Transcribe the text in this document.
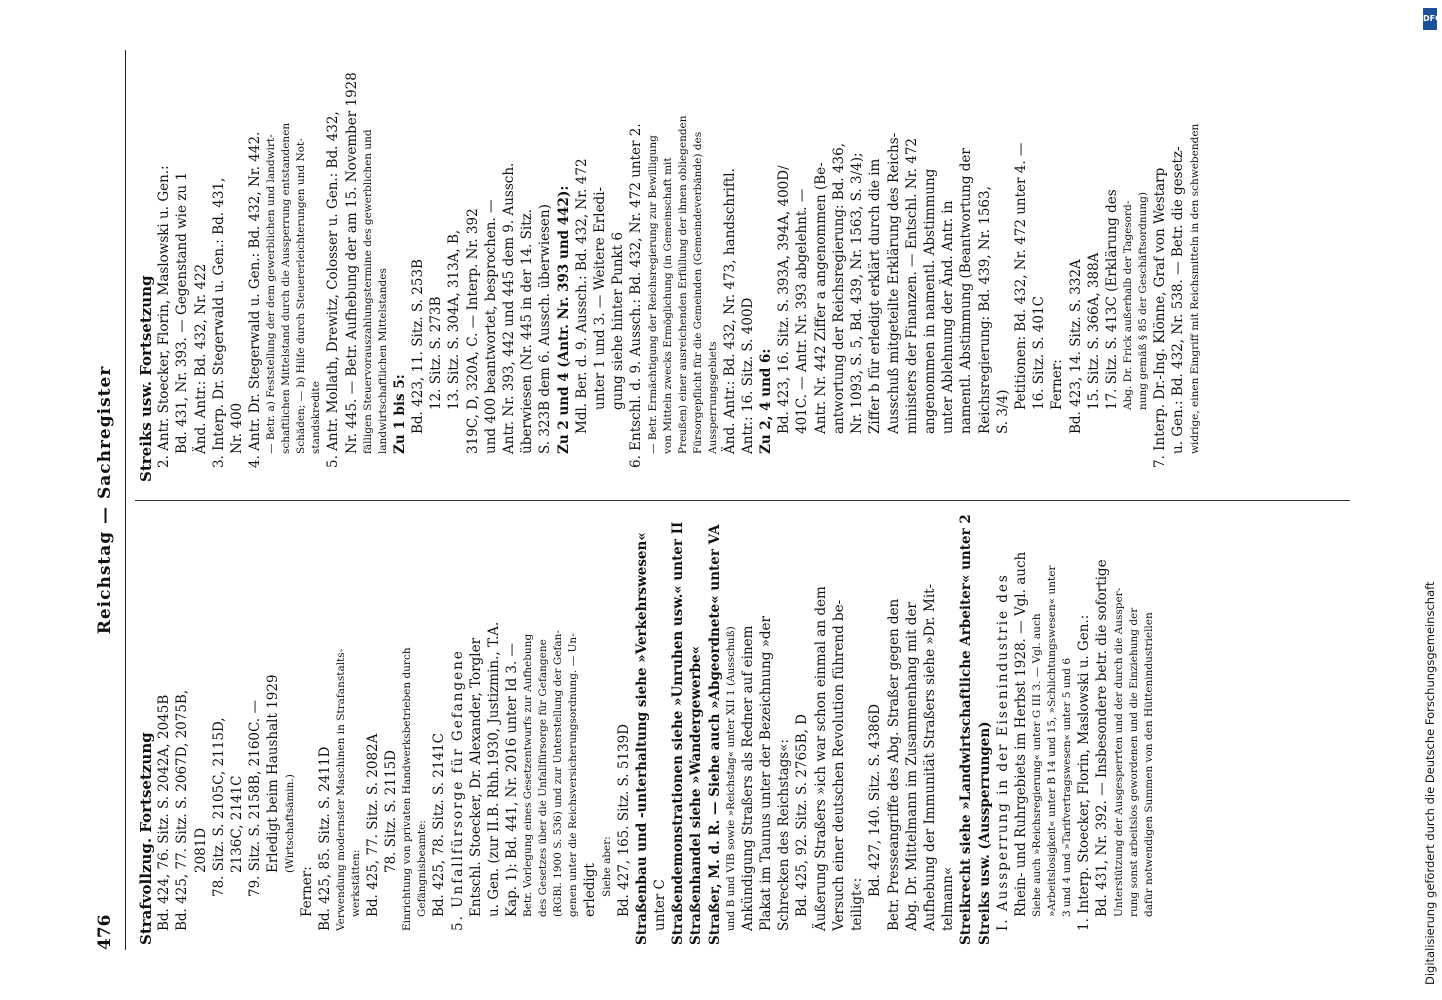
476
Reichstag — Sachregister
Strafvollzug. Fortsetzung Bd. 424, 76. Sitz. S. 2042A, 2045B Bd. 425, 77. Sitz. S. 2067D, 2075B, 2081D 78. Sitz. S. 2105C, 2115D, 2136C, 2141C 79. Sitz. S. 2158B, 2160C. — Erledigt beim Haushalt 1929 (Wirtschaftsämin.)
Ferner: Bd. 425, 85. Sitz. S. 2411D Verwendung modernster Maschinen in Strafanstalts- werkstätten: Bd. 425, 77. Sitz. S. 2082A 78. Sitz. S. 2115D Einrichtung von privaten Handwerksbetrieben durch Gefängnisbeamte: Bd. 425, 78. Sitz. S. 2141C 5. Unfallfürsorge für Gefangene Entschl. Stoecker, Dr. Alexander, Torgler u. Gen. (zur II.B. Rhh.1930, Justizmin., T.A. Kap. 1): Bd. 441, Nr. 2016 unter Id 3. — Betr. Vorlegung eines Gesetzentwurfs zur Aufhebung des Gesetzes über die Unfallfürsorge für Gefangene (RGBl. 1900 S. 536) und zur Unterstellung der Gefan- genen unter die Reichsversicherungsordnung. — Un- erledigt Siehe aber: Bd. 427, 165. Sitz. S. 5139D Straßenbau und -unterhaltung siehe »Verkehrswesen« unter C Straßendemonstrationen siehe »Unruhen usw.« unter II Straßenhandel siehe »Wandergewerbe« Straßer, M. d. R. — Siehe auch »Abgeordnete« unter VA und B und VIB sowie »Reichstag« unter XII 1 (Ausschuß) Ankündigung Straßers als Redner auf einem Plakat im Taunus unter der Bezeichnung »der Schrecken des Reichstags«: Bd. 425, 92. Sitz. S. 2765B, D Äußerung Straßers »ich war schon einmal an dem Versuch einer deutschen Revolution führend be- teiligt«:
Bd. 427, 140. Sitz. S. 4386D Betr. Presseangriffe des Abg. Straßer gegen den Abg. Dr. Mittelmann im Zusammenhang mit der Aufhebung der Immunität Straßers siehe »Dr. Mit- telmann« Streikrecht siehe »Landwirtschaftliche Arbeiter« unter 2 Streiks usw. (Aussperrungen) I. Aussperrung in der Eisenindustrie des Rhein- und Ruhrgebiets im Herbst 1928. — Vgl. auch Siehe auch »Reichsregierung« unter G III 3. — Vgl. auch »Arbeitslosigkeit« unter B 14 und 15, »Schlichtungswesen« unter 3 und 4 und »Tarifvertragswesen« unter 5 und 6 1. Interp. Stoecker, Florin, Maslowski u. Gen.: Bd. 431, Nr. 392. — Insbesondere betr. die sofortige Unterstützung der Ausgesperrten und der durch die Aussper- rung sonst arbeitslos gewordenen und die Einziehung der dafür notwendigen Summen von den Hüttenindustriellen
Streiks usw. Fortsetzung 2. Antr. Stoecker, Florin, Maslowski u. Gen.: Bd. 431, Nr. 393. — Gegenstand wie zu 1 Änd. Antr.: Bd. 432, Nr. 422 3. Interp. Dr. Stegerwald u. Gen.: Bd. 431, Nr. 400 4. Antr. Dr. Stegerwald u. Gen.: Bd. 432, Nr. 442. — Betr. a) Feststellung der dem gewerblichen und landwirt- schaftlichen Mittelstand durch die Aussperrung entstandenen Schäden; — b) Hilfe durch Steuererleichterungen und Not- standskredite 5. Antr. Mollath, Drewitz, Colosser u. Gen.: Bd. 432, Nr. 445. — Betr. Aufhebung der am 15. November 1928 fälligen Steuervorauszahlungstermine des gewerblichen und landwirtschaftlichen Mittelstandes Zu 1 bis 5: Bd. 423, 11. Sitz. S. 253B 12. Sitz. S. 273B 13. Sitz. S. 304A, 313A, B, 319C, D, 320A, C. — Interp. Nr. 392 und 400 beantwortet, besprochen. — Antr. Nr. 393, 442 und 445 dem 9. Aussch. überwiesen (Nr. 445 in der 14. Sitz. S. 323B dem 6. Aussch. überwiesen) Zu 2 und 4 (Antr. Nr. 393 und 442): Mdl. Ber. d. 9. Aussch.: Bd. 432, Nr. 472 unter 1 und 3. — Weitere Erledi- gung siehe hinter Punkt 6 6. Entschl. d. 9. Aussch.: Bd. 432, Nr. 472 unter 2. — Betr. Ermächtigung der Reichsregierung zur Bewilligung von Mitteln zwecks Ermöglichung (in Gemeinschaft mit Preußen) einer ausreichenden Erfüllung der ihnen obliegenden Fürsorgepflicht für die Gemeinden (Gemeindeverbände) des Aussperrungsgebiets Änd. Antr.: Bd. 432, Nr. 473, handschriftl. Antr.: 16. Sitz. S. 400D Zu 2, 4 und 6: Bd. 423, 16. Sitz. S. 393A, 394A, 400D/ 401C. — Antr. Nr. 393 abgelehnt. — Antr. Nr. 442 Ziffer a angenommen (Be- antwortung der Reichsregierung: Bd. 436, Nr. 1093, S. 5, Bd. 439, Nr. 1563, S. 3/4); Ziffer b für erledigt erklärt durch die im Ausschuß mitgeteilte Erklärung des Reichs- ministers der Finanzen. — Entschl. Nr. 472 angenommen in namentl. Abstimmung unter Ablehnung der Änd. Antr. in namentl. Abstimmung (Beantwortung der Reichsregierung: Bd. 439, Nr. 1563, S. 3/4)
Petitionen: Bd. 432, Nr. 472 unter 4. — 16. Sitz. S. 401C Ferner: Bd. 423, 14. Sitz. S. 332A 15. Sitz. S. 366A, 388A 17. Sitz. S. 413C (Erklärung des Abg. Dr. Frick außerhalb der Tagesord- nung gemäß § 85 der Geschäftsordnung) 7. Interp. Dr.-Ing. Klönne, Graf von Westarp u. Gen.: Bd. 432, Nr. 538. — Betr. die gesetz- widrige, einen Eingriff mit Reichsmitteln in den schwebenden
DFG
Digitalisierung gefördert durch die Deutsche Forschungsgemeinschaft
